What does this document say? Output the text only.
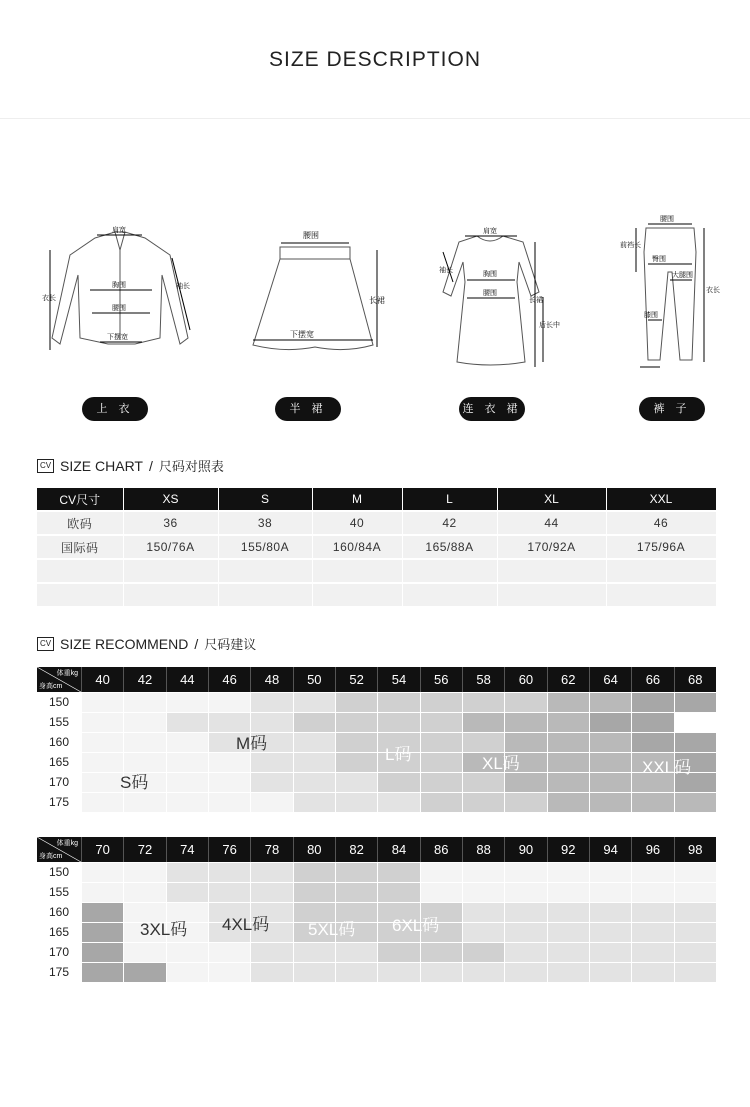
SIZE DESCRIPTION
肩宽
胸围
腰围
下摆宽
衣长
袖长
腰围
下摆宽
长裙
肩宽
胸围
腰围
袖长
长裙
后长中
腰围
臀围
大腿围
膝围
前裆长
衣长
上 衣	半 裙	连 衣 裙	裤 子
CV SIZE CHART / 尺码对照表
CV尺寸	XS	S	M	L	XL	XXL
欧码	36	38	40	42	44	46
国际码	150/76A	155/80A	160/84A	165/88A	170/92A	175/96A

CV SIZE RECOMMEND / 尺码建议
体重kg
身高cm	40	42	44	46	48	50	52	54	56	58	60	62	64	66	68
150
155
160
165
170
175
S码
M码
L码	XL码	XXL码
体重kg
身高cm	70	72	74	76	78	80	82	84	86	88	90	92	94	96	98
150
155
160
165
170
175
3XL码 4XL码 5XL码 6XL码
